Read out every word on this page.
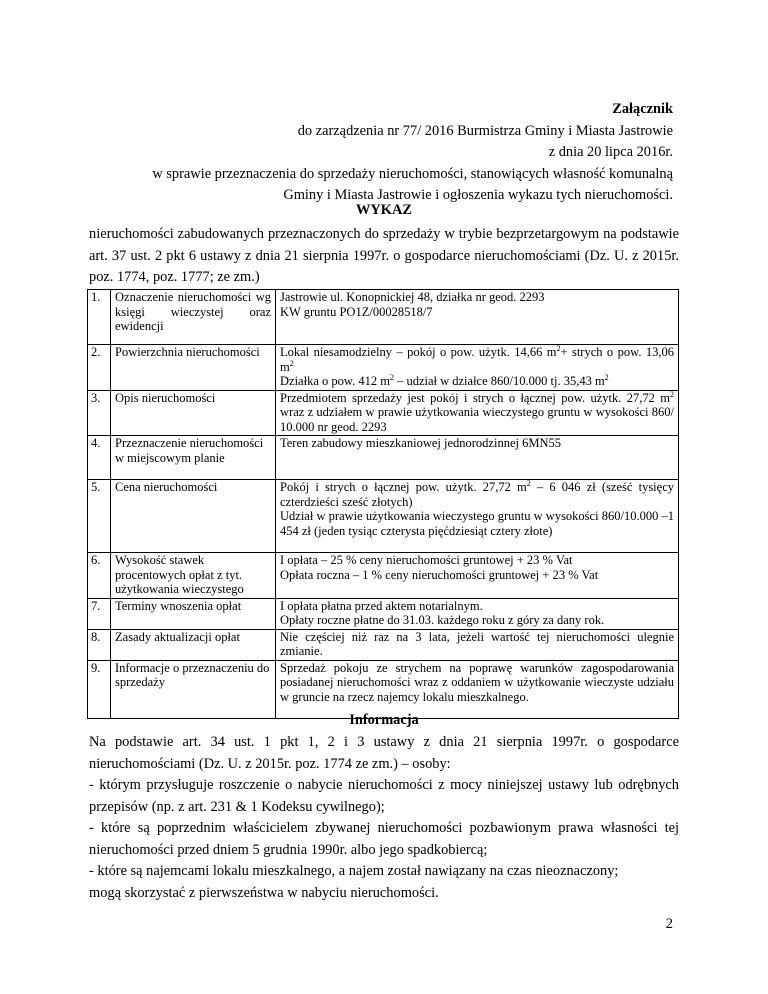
Załącznik
do zarządzenia nr 77/ 2016 Burmistrza Gminy i Miasta Jastrowie
z dnia 20 lipca 2016r.
w sprawie przeznaczenia do sprzedaży nieruchomości, stanowiących własność komunalną
Gminy i Miasta Jastrowie i ogłoszenia wykazu tych nieruchomości.
WYKAZ
nieruchomości zabudowanych przeznaczonych do sprzedaży w trybie bezprzetargowym na podstawie art. 37 ust. 2 pkt 6 ustawy z dnia 21 sierpnia 1997r. o gospodarce nieruchomościami (Dz. U. z 2015r. poz. 1774, poz. 1777; ze zm.)
1.	Oznaczenie nieruchomości wg księgi wieczystej oraz ewidencji	Jastrowie ul. Konopnickiej 48, działka nr geod. 2293
KW gruntu PO1Z/00028518/7

2.	Powierzchnia nieruchomości	Lokal niesamodzielny – pokój o pow. użytk. 14,66 $m^2+$ strych o pow. 13,06 $m^2$
Działka o pow. 412 $m^2$ – udział w działce 860/10.000 tj. 35,43 $m^2$

3.	Opis nieruchomości	Przedmiotem sprzedaży jest pokój i strych o łącznej pow. użytk. 27,72 $m^2$ wraz z udziałem w prawie użytkowania wieczystego gruntu w wysokości 860/ 10.000 nr geod. 2293
4.	Przeznaczenie nieruchomości w miejscowym planie	Teren zabudowy mieszkaniowej jednorodzinnej 6MN55
5.	Cena nieruchomości	Pokój i strych o łącznej pow. użytk. 27,72 $m^2 - 6$ 046 zł (sześć tysięcy czterdzieści sześć złotych)
Udział w prawie użytkowania wieczystego gruntu w wysokości 860/10.000 –1 454 zł (jeden tysiąc czterysta pięćdziesiąt cztery złote)

6.	Wysokość stawek procentowych opłat z tyt. użytkowania wieczystego	I opłata – 25 % ceny nieruchomości gruntowej + 23 % Vat
Opłata roczna – 1 % ceny nieruchomości gruntowej + 23 % Vat

7.	Terminy wnoszenia opłat	I opłata płatna przed aktem notarialnym.
Opłaty roczne płatne do 31.03. każdego roku z góry za dany rok.

8.	Zasady aktualizacji opłat	Nie częściej niż raz na 3 lata, jeżeli wartość tej nieruchomości ulegnie zmianie.
9.	Informacje o przeznaczeniu do sprzedaży	Sprzedaż pokoju ze strychem na poprawę warunków zagospodarowania posiadanej nieruchomości wraz z oddaniem w użytkowanie wieczyste udziału w gruncie na rzecz najemcy lokalu mieszkalnego.
Informacja

Na podstawie art. 34 ust. 1 pkt 1, 2 i 3 ustawy z dnia 21 sierpnia 1997r. o gospodarce nieruchomościami (Dz. U. z 2015r. poz. 1774 ze zm.) – osoby:

- którym przysługuje roszczenie o nabycie nieruchomości z mocy niniejszej ustawy lub odrębnych przepisów (np. z art. 231 & 1 Kodeksu cywilnego);

- które są poprzednim właścicielem zbywanej nieruchomości pozbawionym prawa własności tej nieruchomości przed dniem 5 grudnia 1990r. albo jego spadkobiercą;

- które są najemcami lokalu mieszkalnego, a najem został nawiązany na czas nieoznaczony;

mogą skorzystać z pierwszeństwa w nabyciu nieruchomości.

2
